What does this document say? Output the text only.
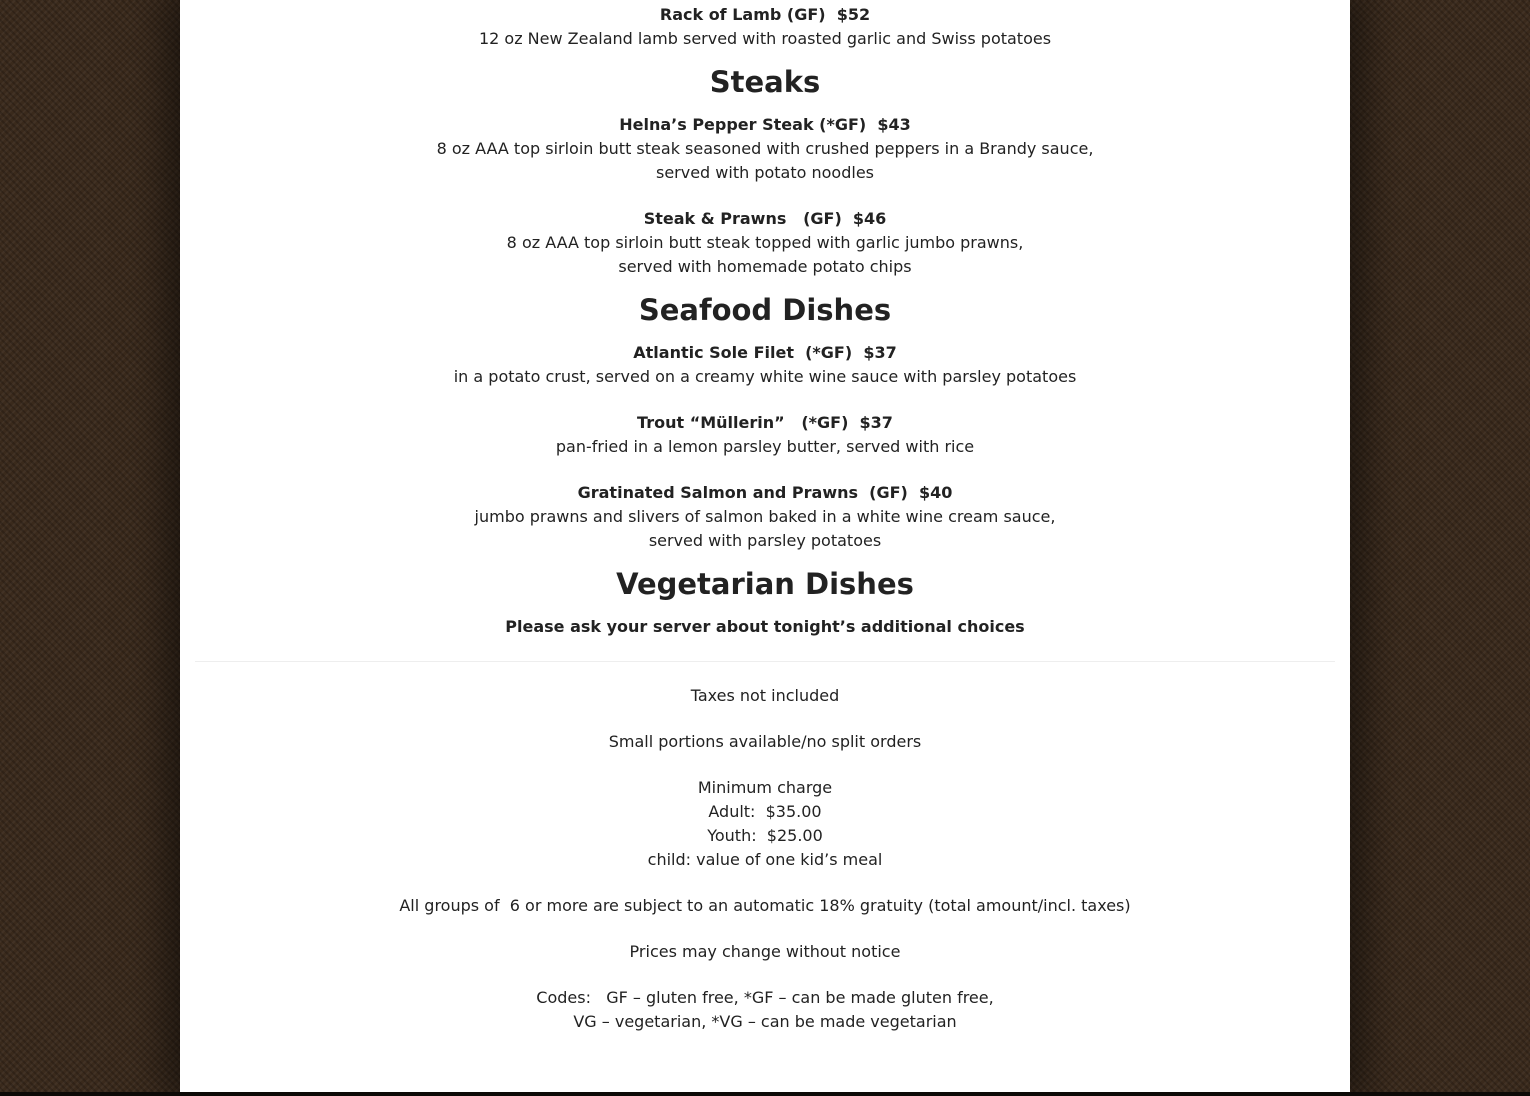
Rack of Lamb (GF)  $52
12 oz New Zealand lamb served with roasted garlic and Swiss potatoes
Steaks
Helna’s Pepper Steak (*GF)  $43
8 oz AAA top sirloin butt steak seasoned with crushed peppers in a Brandy sauce,
served with potato noodles
Steak & Prawns   (GF)  $46
8 oz AAA top sirloin butt steak topped with garlic jumbo prawns,
served with homemade potato chips
Seafood Dishes
Atlantic Sole Filet  (*GF)  $37
in a potato crust, served on a creamy white wine sauce with parsley potatoes
Trout “Müllerin”   (*GF)  $37
pan-fried in a lemon parsley butter, served with rice
Gratinated Salmon and Prawns  (GF)  $40
jumbo prawns and slivers of salmon baked in a white wine cream sauce,
served with parsley potatoes
Vegetarian Dishes
Please ask your server about tonight’s additional choices
Taxes not included
Small portions available/no split orders
Minimum charge
Adult:  $35.00
Youth:  $25.00
child: value of one kid’s meal
All groups of  6 or more are subject to an automatic 18% gratuity (total amount/incl. taxes)
Prices may change without notice
Codes:   GF – gluten free, *GF – can be made gluten free,
VG – vegetarian, *VG – can be made vegetarian
